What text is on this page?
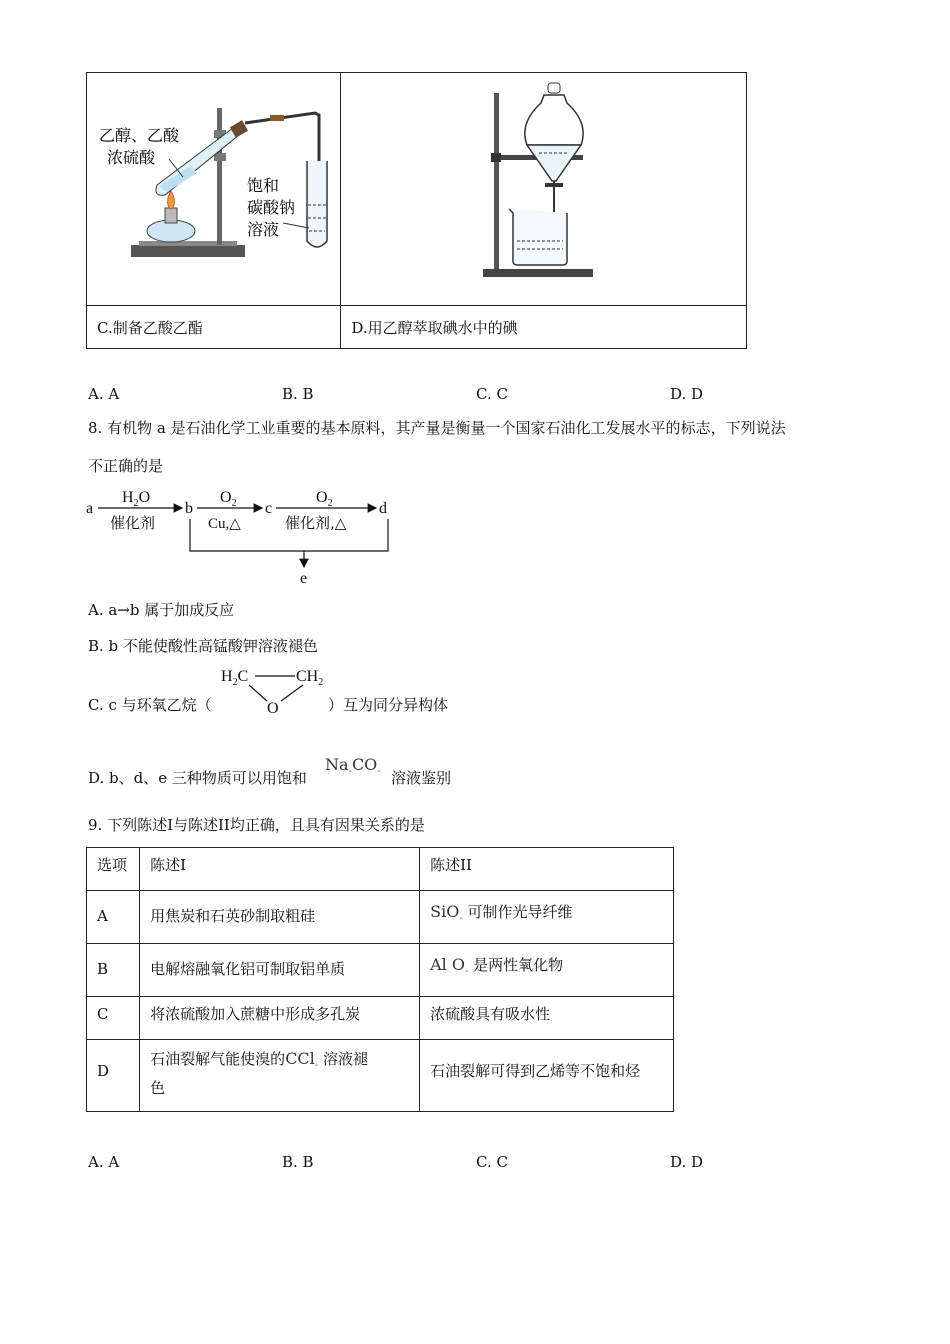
乙醇、乙酸
浓硫酸
饱和
碳酸钠
溶液

C.制备乙酸乙酯	D.用乙醇萃取碘水中的碘
A. A	B. B	C. C	D. D
8. 有机物 a 是石油化学工业重要的基本原料，其产量是衡量一个国家石油化工发展水平的标志，下列说法
不正确的是
a
$H_2O$
催化剂
b
$O_2$
Cu,△
c
$O_2$
催化剂,△
d
e
A. a→b 属于加成反应
B. b 不能使酸性高锰酸钾溶液褪色
C. c 与环氧乙烷（
$H_2C$	$CH_2$
O	）互为同分异构体
D. b、d、e 三种物质可以用饱和
$Na_-CO_-$ 溶液鉴别
9. 下列陈述I与陈述II均正确，且具有因果关系的是
选项	陈述I	陈述II
A	用焦炭和石英砂制取粗硅	SiO$_-$ 可制作光导纤维
B	电解熔融氧化铝可制取铝单质	Al $O_-$ 是两性氧化物
C	将浓硫酸加入蔗糖中形成多孔炭	浓硫酸具有吸水性
D	石油裂解气能使溴的CCl$_-$ 溶液褪
色	石油裂解可得到乙烯等不饱和烃
A. A	B. B	C. C	D. D
